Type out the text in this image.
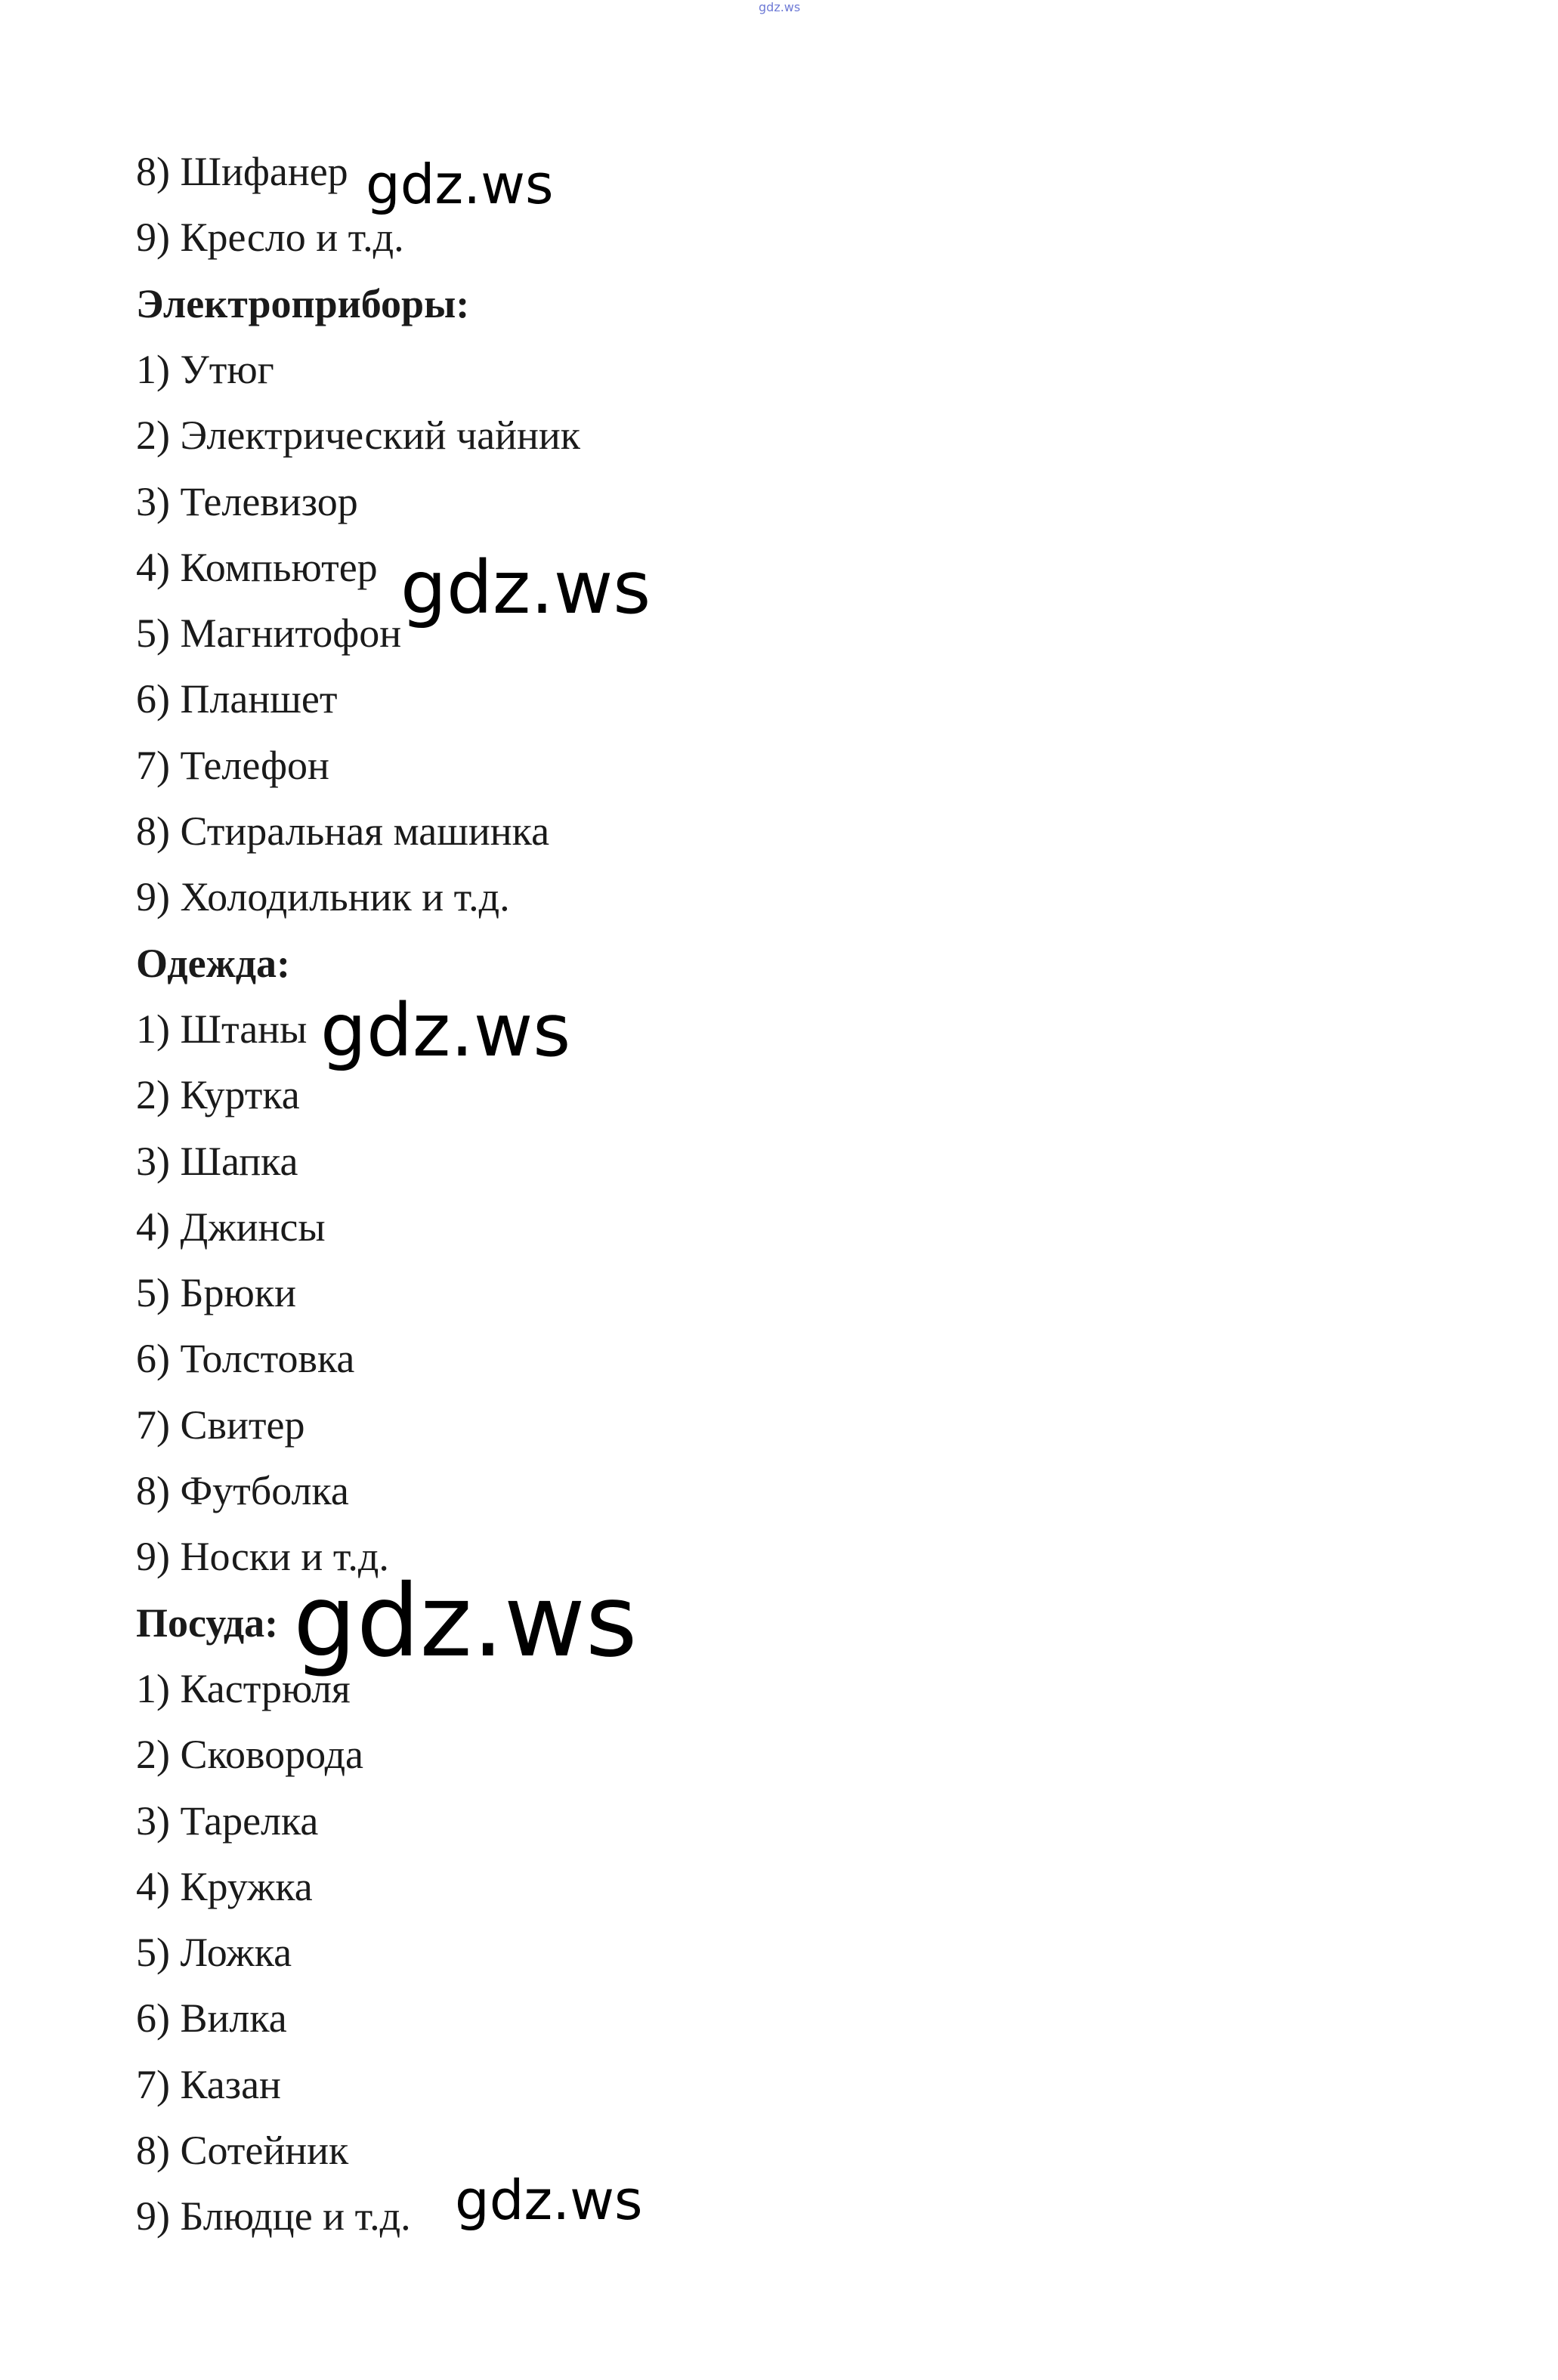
gdz.ws
8) Шифанер
9) Кресло и т.д.
Электроприборы:
1) Утюг
2) Электрический чайник
3) Телевизор
4) Компьютер
5) Магнитофон
6) Планшет
7) Телефон
8) Стиральная машинка
9) Холодильник и т.д.
Одежда:
1) Штаны
2) Куртка
3) Шапка
4) Джинсы
5) Брюки
6) Толстовка
7) Свитер
8) Футболка
9) Носки и т.д.
Посуда:
1) Кастрюля
2) Сковорода
3) Тарелка
4) Кружка
5) Ложка
6) Вилка
7) Казан
8) Сотейник
9) Блюдце и т.д.
gdz.ws
gdz.ws
gdz.ws
gdz.ws
gdz.ws
